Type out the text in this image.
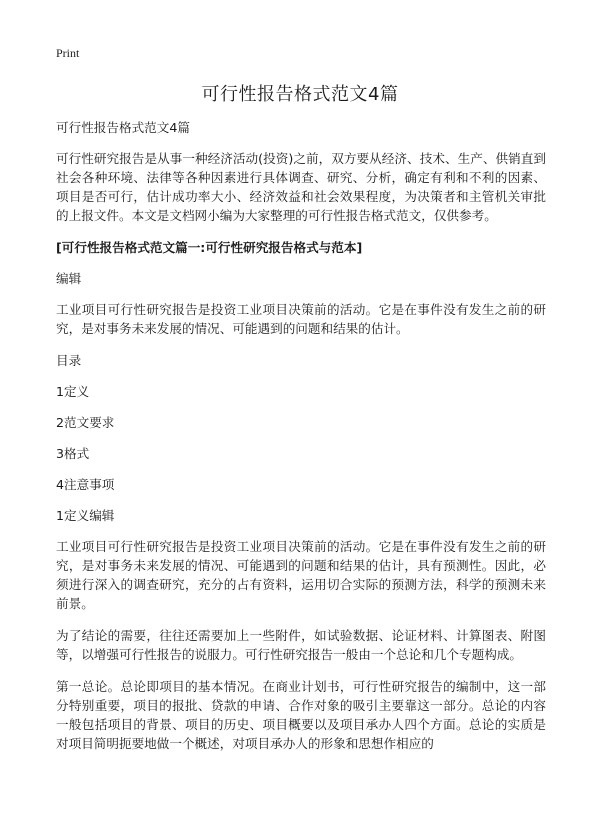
Print
可行性报告格式范文4篇

可行性报告格式范文4篇

可行性研究报告是从事一种经济活动(投资)之前，双方要从经济、技术、生产、供销直到社会各种环境、法律等各种因素进行具体调查、研究、分析，确定有利和不利的因素、项目是否可行，估计成功率大小、经济效益和社会效果程度，为决策者和主管机关审批的上报文件。本文是文档网小编为大家整理的可行性报告格式范文，仅供参考。

[可行性报告格式范文篇一:可行性研究报告格式与范本]

编辑

工业项目可行性研究报告是投资工业项目决策前的活动。它是在事件没有发生之前的研究，是对事务未来发展的情况、可能遇到的问题和结果的估计。

目录

1定义

2范文要求

3格式

4注意事项

1定义编辑

工业项目可行性研究报告是投资工业项目决策前的活动。它是在事件没有发生之前的研究，是对事务未来发展的情况、可能遇到的问题和结果的估计，具有预测性。因此，必须进行深入的调查研究，充分的占有资料，运用切合实际的预测方法，科学的预测未来前景。

为了结论的需要，往往还需要加上一些附件，如试验数据、论证材料、计算图表、附图等，以增强可行性报告的说服力。可行性研究报告一般由一个总论和几个专题构成。

第一总论。总论即项目的基本情况。在商业计划书，可行性研究报告的编制中，这一部分特别重要，项目的报批、贷款的申请、合作对象的吸引主要靠这一部分。总论的内容一般包括项目的背景、项目的历史、项目概要以及项目承办人四个方面。总论的实质是对项目简明扼要地做一个概述，对项目承办人的形象和思想作相应的
